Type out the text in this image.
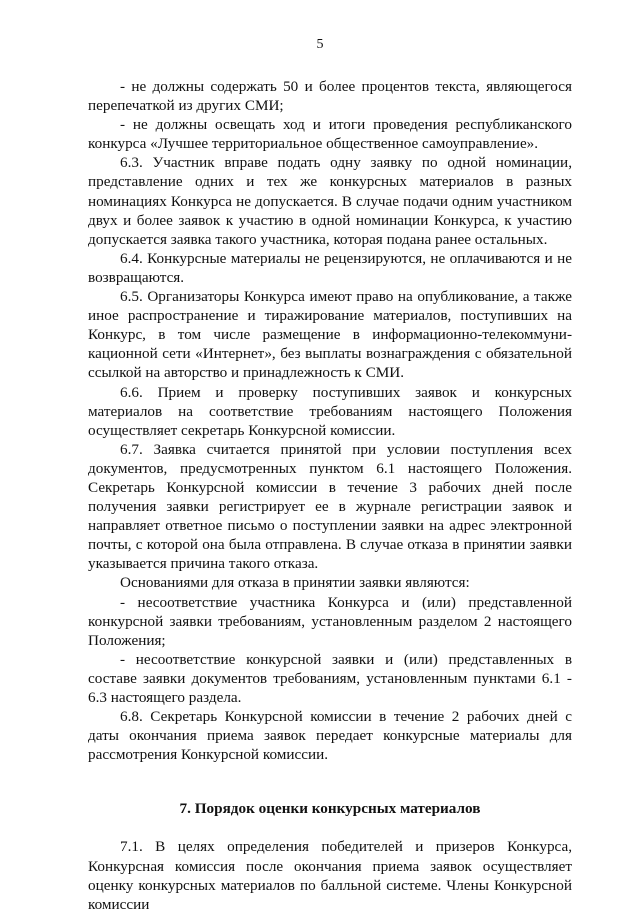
5

- не должны содержать 50 и более процентов текста, являющегося перепечаткой из других СМИ;

- не должны освещать ход и итоги проведения республиканского конкурса «Лучшее территориальное общественное самоуправление».

6.3. Участник вправе подать одну заявку по одной номинации, представление одних и тех же конкурсных материалов в разных номинациях Конкурса не допускается. В случае подачи одним участником двух и более заявок к участию в одной номинации Конкурса, к участию допускается заявка такого участника, которая подана ранее остальных.

6.4. Конкурсные материалы не рецензируются, не оплачиваются и не возвращаются.

6.5. Организаторы Конкурса имеют право на опубликование, а также иное распространение и тиражирование материалов, поступивших на Конкурс, в том числе размещение в информационно-телекоммуни-кационной сети «Интернет», без выплаты вознаграждения с обязательной ссылкой на авторство и принадлежность к СМИ.

6.6. Прием и проверку поступивших заявок и конкурсных материалов на соответствие требованиям настоящего Положения осуществляет секретарь Конкурсной комиссии.

6.7. Заявка считается принятой при условии поступления всех документов, предусмотренных пунктом 6.1 настоящего Положения. Секретарь Конкурсной комиссии в течение 3 рабочих дней после получения заявки регистрирует ее в журнале регистрации заявок и направляет ответное письмо о поступлении заявки на адрес электронной почты, с которой она была отправлена. В случае отказа в принятии заявки указывается причина такого отказа.

Основаниями для отказа в принятии заявки являются:

- несоответствие участника Конкурса и (или) представленной конкурсной заявки требованиям, установленным разделом 2 настоящего Положения;

- несоответствие конкурсной заявки и (или) представленных в составе заявки документов требованиям, установленным пунктами 6.1 - 6.3 настоящего раздела.

6.8. Секретарь Конкурсной комиссии в течение 2 рабочих дней с даты окончания приема заявок передает конкурсные материалы для рассмотрения Конкурсной комиссии.

7. Порядок оценки конкурсных материалов

7.1. В целях определения победителей и призеров Конкурса, Конкурсная комиссия после окончания приема заявок осуществляет оценку конкурсных материалов по балльной системе. Члены Конкурсной комиссии
